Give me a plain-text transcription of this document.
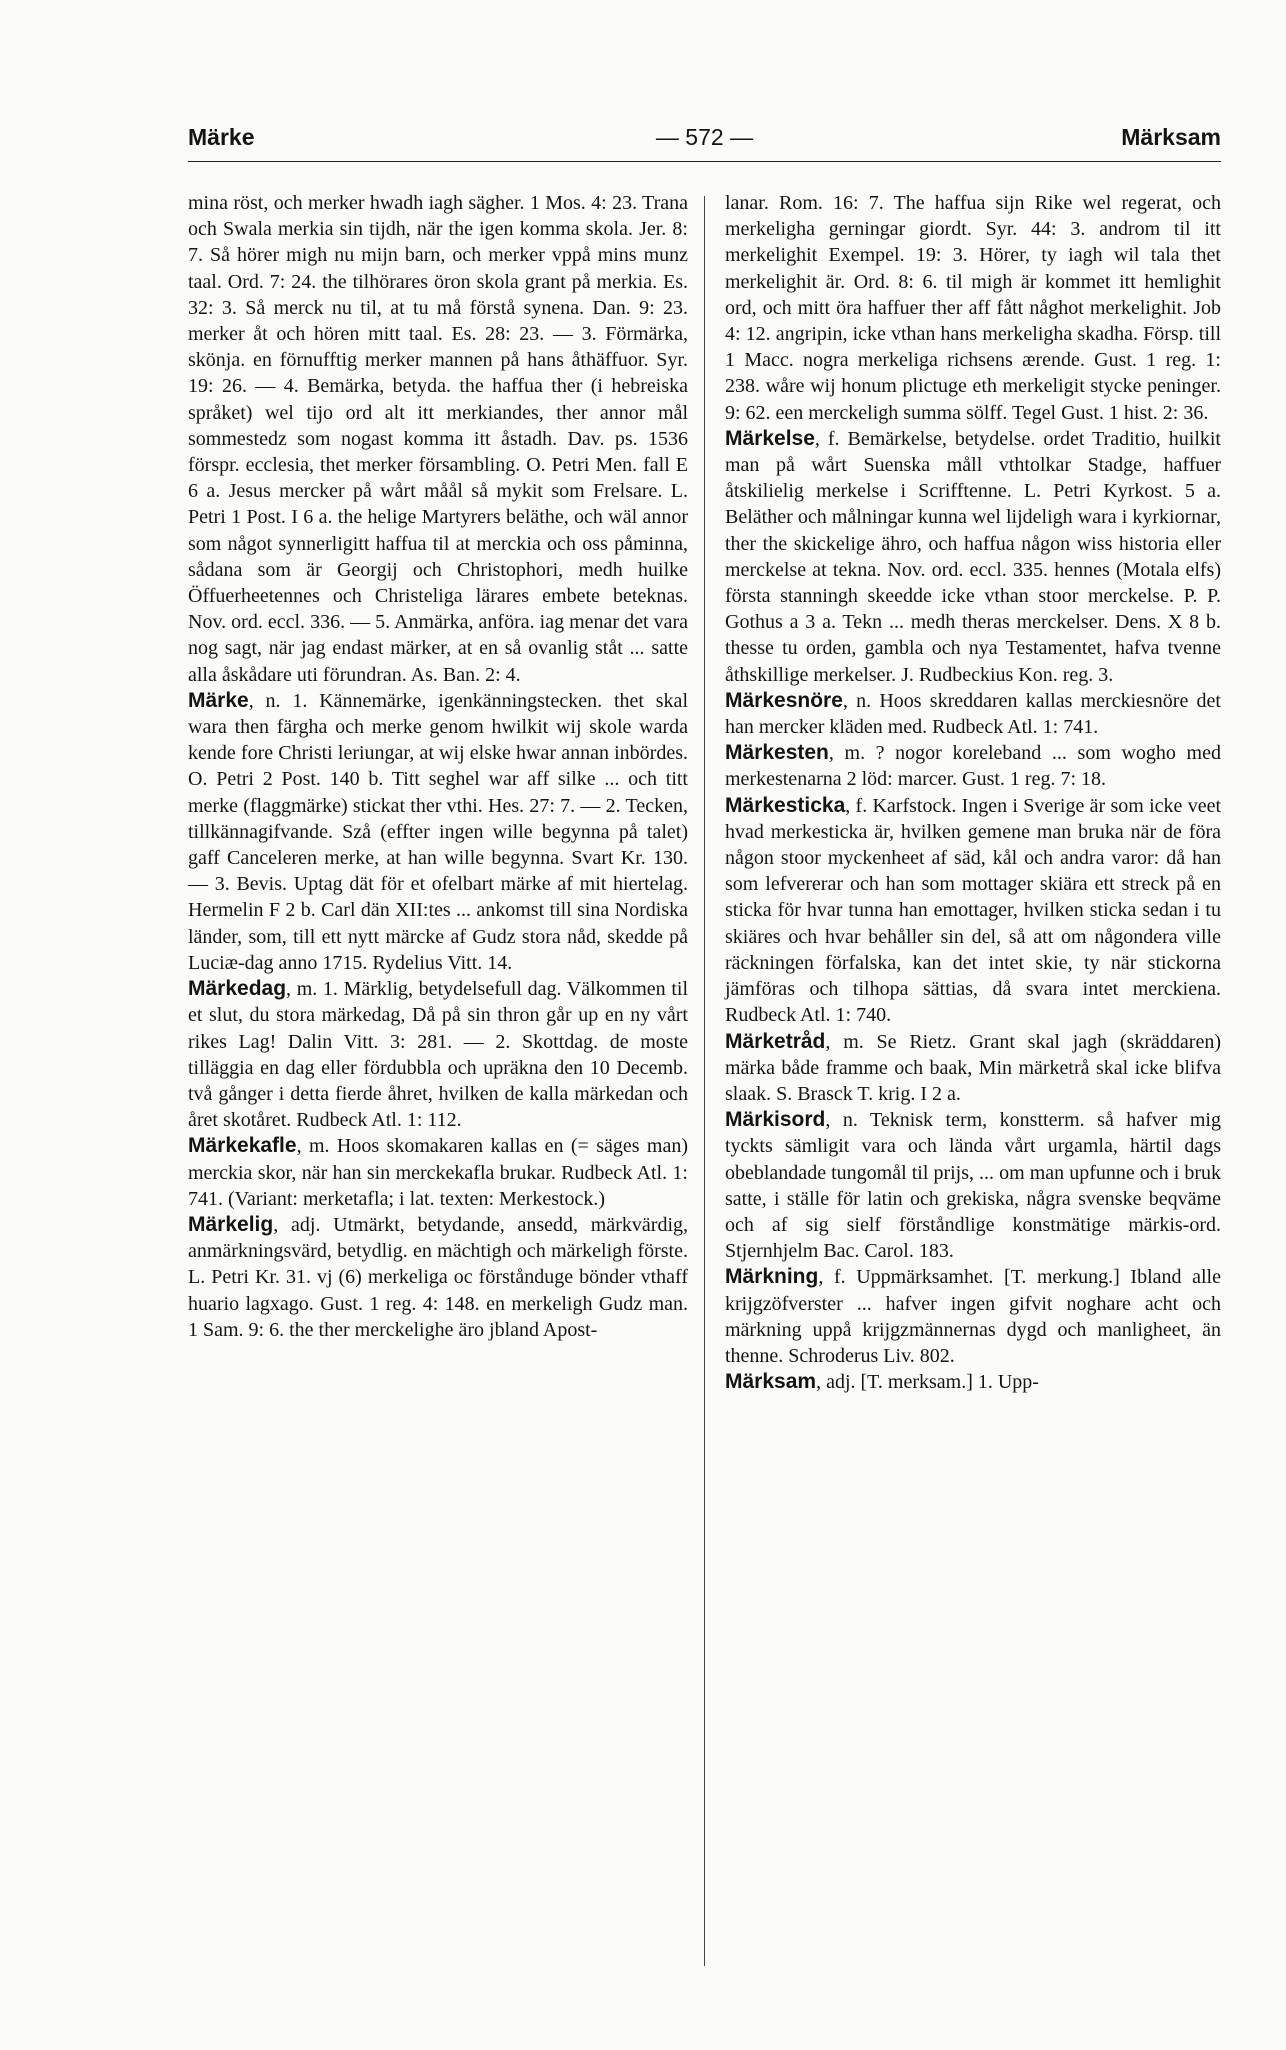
Märke	— 572 —	Märksam

mina röst, och merker hwadh iagh sägher. 1 Mos. 4: 23. Trana och Swala merkia sin tijdh, när the igen komma skola. Jer. 8: 7. Så hörer migh nu mijn barn, och merker vppå mins munz taal. Ord. 7: 24. the tilhörares öron skola grant på merkia. Es. 32: 3. Så merck nu til, at tu må förstå synena. Dan. 9: 23. merker åt och hören mitt taal. Es. 28: 23. — 3. Förmärka, skönja. en förnufftig merker mannen på hans åthäffuor. Syr. 19: 26. — 4. Bemärka, betyda. the haffua ther (i hebreiska språket) wel tijo ord alt itt merkiandes, ther annor mål sommestedz som nogast komma itt åstadh. Dav. ps. 1536 förspr. ecclesia, thet merker försambling. O. Petri Men. fall E 6 a. Jesus mercker på wårt måål så mykit som Frelsare. L. Petri 1 Post. I 6 a. the helige Martyrers beläthe, och wäl annor som något synnerligitt haffua til at merckia och oss påminna, sådana som är Georgij och Christophori, medh huilke Öffuerheetennes och Christeliga lärares embete beteknas. Nov. ord. eccl. 336. — 5. Anmärka, anföra. iag menar det vara nog sagt, när jag endast märker, at en så ovanlig ståt ... satte alla åskådare uti förundran. As. Ban. 2: 4.

Märke, n. 1. Kännemärke, igenkänningstecken. thet skal wara then färgha och merke genom hwilkit wij skole warda kende fore Christi leriungar, at wij elske hwar annan inbördes. O. Petri 2 Post. 140 b. Titt seghel war aff silke ... och titt merke (flaggmärke) stickat ther vthi. Hes. 27: 7. — 2. Tecken, tillkännagifvande. Szå (effter ingen wille begynna på talet) gaff Canceleren merke, at han wille begynna. Svart Kr. 130. — 3. Bevis. Uptag dät för et ofelbart märke af mit hiertelag. Hermelin F 2 b. Carl dän XII:tes ... ankomst till sina Nordiska länder, som, till ett nytt märcke af Gudz stora nåd, skedde på Luciæ-dag anno 1715. Rydelius Vitt. 14.

Märkedag, m. 1. Märklig, betydelsefull dag. Välkommen til et slut, du stora märkedag, Då på sin thron går up en ny vårt rikes Lag! Dalin Vitt. 3: 281. — 2. Skottdag. de moste tilläggia en dag eller fördubbla och upräkna den 10 Decemb. två gånger i detta fierde åhret, hvilken de kalla märkedan och året skotåret. Rudbeck Atl. 1: 112.

Märkekafle, m. Hoos skomakaren kallas en (= säges man) merckia skor, när han sin merckekafla brukar. Rudbeck Atl. 1: 741. (Variant: merketafla; i lat. texten: Merkestock.)

Märkelig, adj. Utmärkt, betydande, ansedd, märkvärdig, anmärkningsvärd, betydlig. en mächtigh och märkeligh förste. L. Petri Kr. 31. vj (6) merkeliga oc förstånduge bönder vthaff huario lagxago. Gust. 1 reg. 4: 148. en merkeligh Gudz man. 1 Sam. 9: 6. the ther merckelighe äro jbland Apost-

lanar. Rom. 16: 7. The haffua sijn Rike wel regerat, och merkeligha gerningar giordt. Syr. 44: 3. androm til itt merkelighit Exempel. 19: 3. Hörer, ty iagh wil tala thet merkelighit är. Ord. 8: 6. til migh är kommet itt hemlighit ord, och mitt öra haffuer ther aff fått någhot merkelighit. Job 4: 12. angripin, icke vthan hans merkeligha skadha. Försp. till 1 Macc. nogra merkeliga richsens ærende. Gust. 1 reg. 1: 238. wåre wij honum plictuge eth merkeligit stycke peninger. 9: 62. een merckeligh summa sölff. Tegel Gust. 1 hist. 2: 36.

Märkelse, f. Bemärkelse, betydelse. ordet Traditio, huilkit man på wårt Suenska måll vthtolkar Stadge, haffuer åtskilielig merkelse i Scrifftenne. L. Petri Kyrkost. 5 a. Beläther och målningar kunna wel lijdeligh wara i kyrkiornar, ther the skickelige ähro, och haffua någon wiss historia eller merckelse at tekna. Nov. ord. eccl. 335. hennes (Motala elfs) första stanningh skeedde icke vthan stoor merckelse. P. P. Gothus a 3 a. Tekn ... medh theras merckelser. Dens. X 8 b. thesse tu orden, gambla och nya Testamentet, hafva tvenne åthskillige merkelser. J. Rudbeckius Kon. reg. 3.

Märkesnöre, n. Hoos skreddaren kallas merckiesnöre det han mercker kläden med. Rudbeck Atl. 1: 741.

Märkesten, m. ? nogor koreleband ... som wogho med merkestenarna 2 löd: marcer. Gust. 1 reg. 7: 18.

Märkesticka, f. Karfstock. Ingen i Sverige är som icke veet hvad merkesticka är, hvilken gemene man bruka när de föra någon stoor myckenheet af säd, kål och andra varor: då han som lefvererar och han som mottager skiära ett streck på en sticka för hvar tunna han emottager, hvilken sticka sedan i tu skiäres och hvar behåller sin del, så att om någondera ville räckningen förfalska, kan det intet skie, ty när stickorna jämföras och tilhopa sättias, då svara intet merckiena. Rudbeck Atl. 1: 740.

Märketråd, m. Se Rietz. Grant skal jagh (skräddaren) märka både framme och baak, Min märketrå skal icke blifva slaak. S. Brasck T. krig. I 2 a.

Märkisord, n. Teknisk term, konstterm. så hafver mig tyckts sämligit vara och ländа vårt urgamla, härtil dags obeblandade tungomål til prijs, ... om man upfunne och i bruk satte, i ställe för latin och grekiska, några svenske beqväme och af sig sielf förståndlige konstmätige märkis-ord. Stjernhjelm Bac. Carol. 183.

Märkning, f. Uppmärksamhet. [T. merkung.] Ibland alle krijgzöfverster ... hafver ingen gifvit noghare acht och märkning uppå krijgzmännernas dygd och manligheet, än thenne. Schroderus Liv. 802.

Märksam, adj. [T. merksam.] 1. Upp-
